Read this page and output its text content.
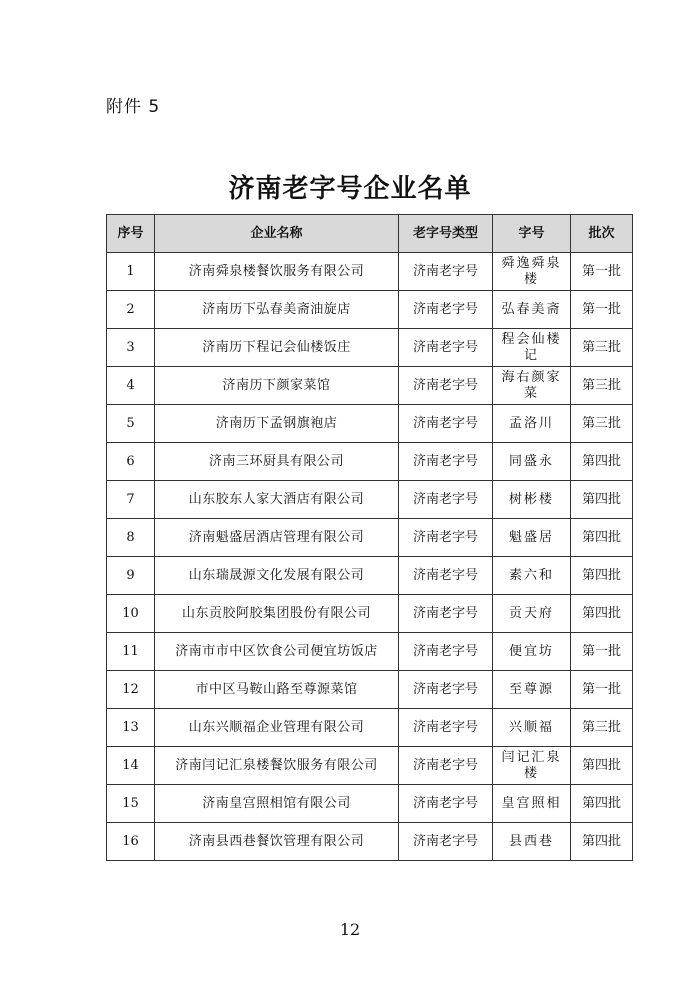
附件 5
济南老字号企业名单
序号	企业名称	老字号类型	字号	批次
1	济南舜泉楼餐饮服务有限公司	济南老字号	舜逸舜泉楼	第一批
2	济南历下弘春美斋油旋店	济南老字号	弘春美斋	第一批
3	济南历下程记会仙楼饭庄	济南老字号	程会仙楼记	第三批
4	济南历下颜家菜馆	济南老字号	海右颜家菜	第三批
5	济南历下孟钢旗袍店	济南老字号	孟洛川	第三批
6	济南三环厨具有限公司	济南老字号	同盛永	第四批
7	山东胶东人家大酒店有限公司	济南老字号	树彬楼	第四批
8	济南魁盛居酒店管理有限公司	济南老字号	魁盛居	第四批
9	山东瑞晟源文化发展有限公司	济南老字号	素六和	第四批
10	山东贡胶阿胶集团股份有限公司	济南老字号	贡天府	第四批
11	济南市市中区饮食公司便宜坊饭店	济南老字号	便宜坊	第一批
12	市中区马鞍山路至尊源菜馆	济南老字号	至尊源	第一批
13	山东兴顺福企业管理有限公司	济南老字号	兴顺福	第三批
14	济南闫记汇泉楼餐饮服务有限公司	济南老字号	闫记汇泉楼	第四批
15	济南皇宫照相馆有限公司	济南老字号	皇宫照相	第四批
16	济南县西巷餐饮管理有限公司	济南老字号	县西巷	第四批
12
